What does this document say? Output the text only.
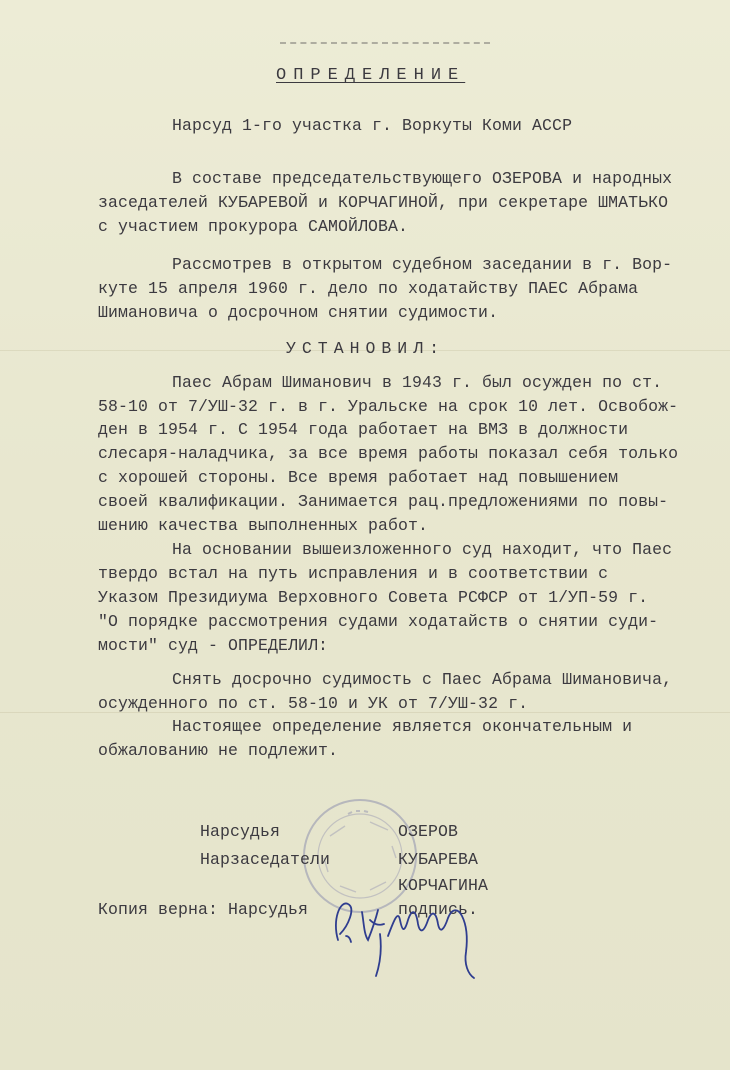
ОПРЕДЕЛЕНИЕ
Нарсуд 1-го участка г. Воркуты Коми АССР
В составе председательствующего ОЗЕРОВА и народных
заседателей КУБАРЕВОЙ и КОРЧАГИНОЙ, при секретаре ШМАТЬКО
с участием прокурора САМОЙЛОВА.
Рассмотрев в открытом судебном заседании в г. Вор-
куте 15 апреля 1960 г. дело по ходатайству ПАЕС Абрама
Шимановича о досрочном снятии судимости.
УСТАНОВИЛ:
Паес Абрам Шиманович в 1943 г. был осужден по ст.
58-10 от 7/УШ-32 г. в г. Уральске на срок 10 лет. Освобож-
ден в 1954 г. С 1954 года работает на ВМЗ в должности
слесаря-наладчика, за все время работы показал себя только
с хорошей стороны. Все время работает над повышением
своей квалификации. Занимается рац.предложениями по повы-
шению качества выполненных работ.
На основании вышеизложенного суд находит, что Паес
твердо встал на путь исправления и в соответствии с
Указом Президиума Верховного Совета РСФСР от 1/УП-59 г.
"О порядке рассмотрения судами ходатайств о снятии суди-
мости" суд - ОПРЕДЕЛИЛ:
Снять досрочно судимость с Паес Абрама Шимановича,
осужденного по ст. 58-10 и УК от 7/УШ-32 г.
Настоящее определение является окончательным и
обжалованию не подлежит.
Нарсудья	ОЗЕРОВ
Нарзаседатели	КУБАРЕВА
КОРЧАГИНА
Копия верна: Нарсудья	подпись.
